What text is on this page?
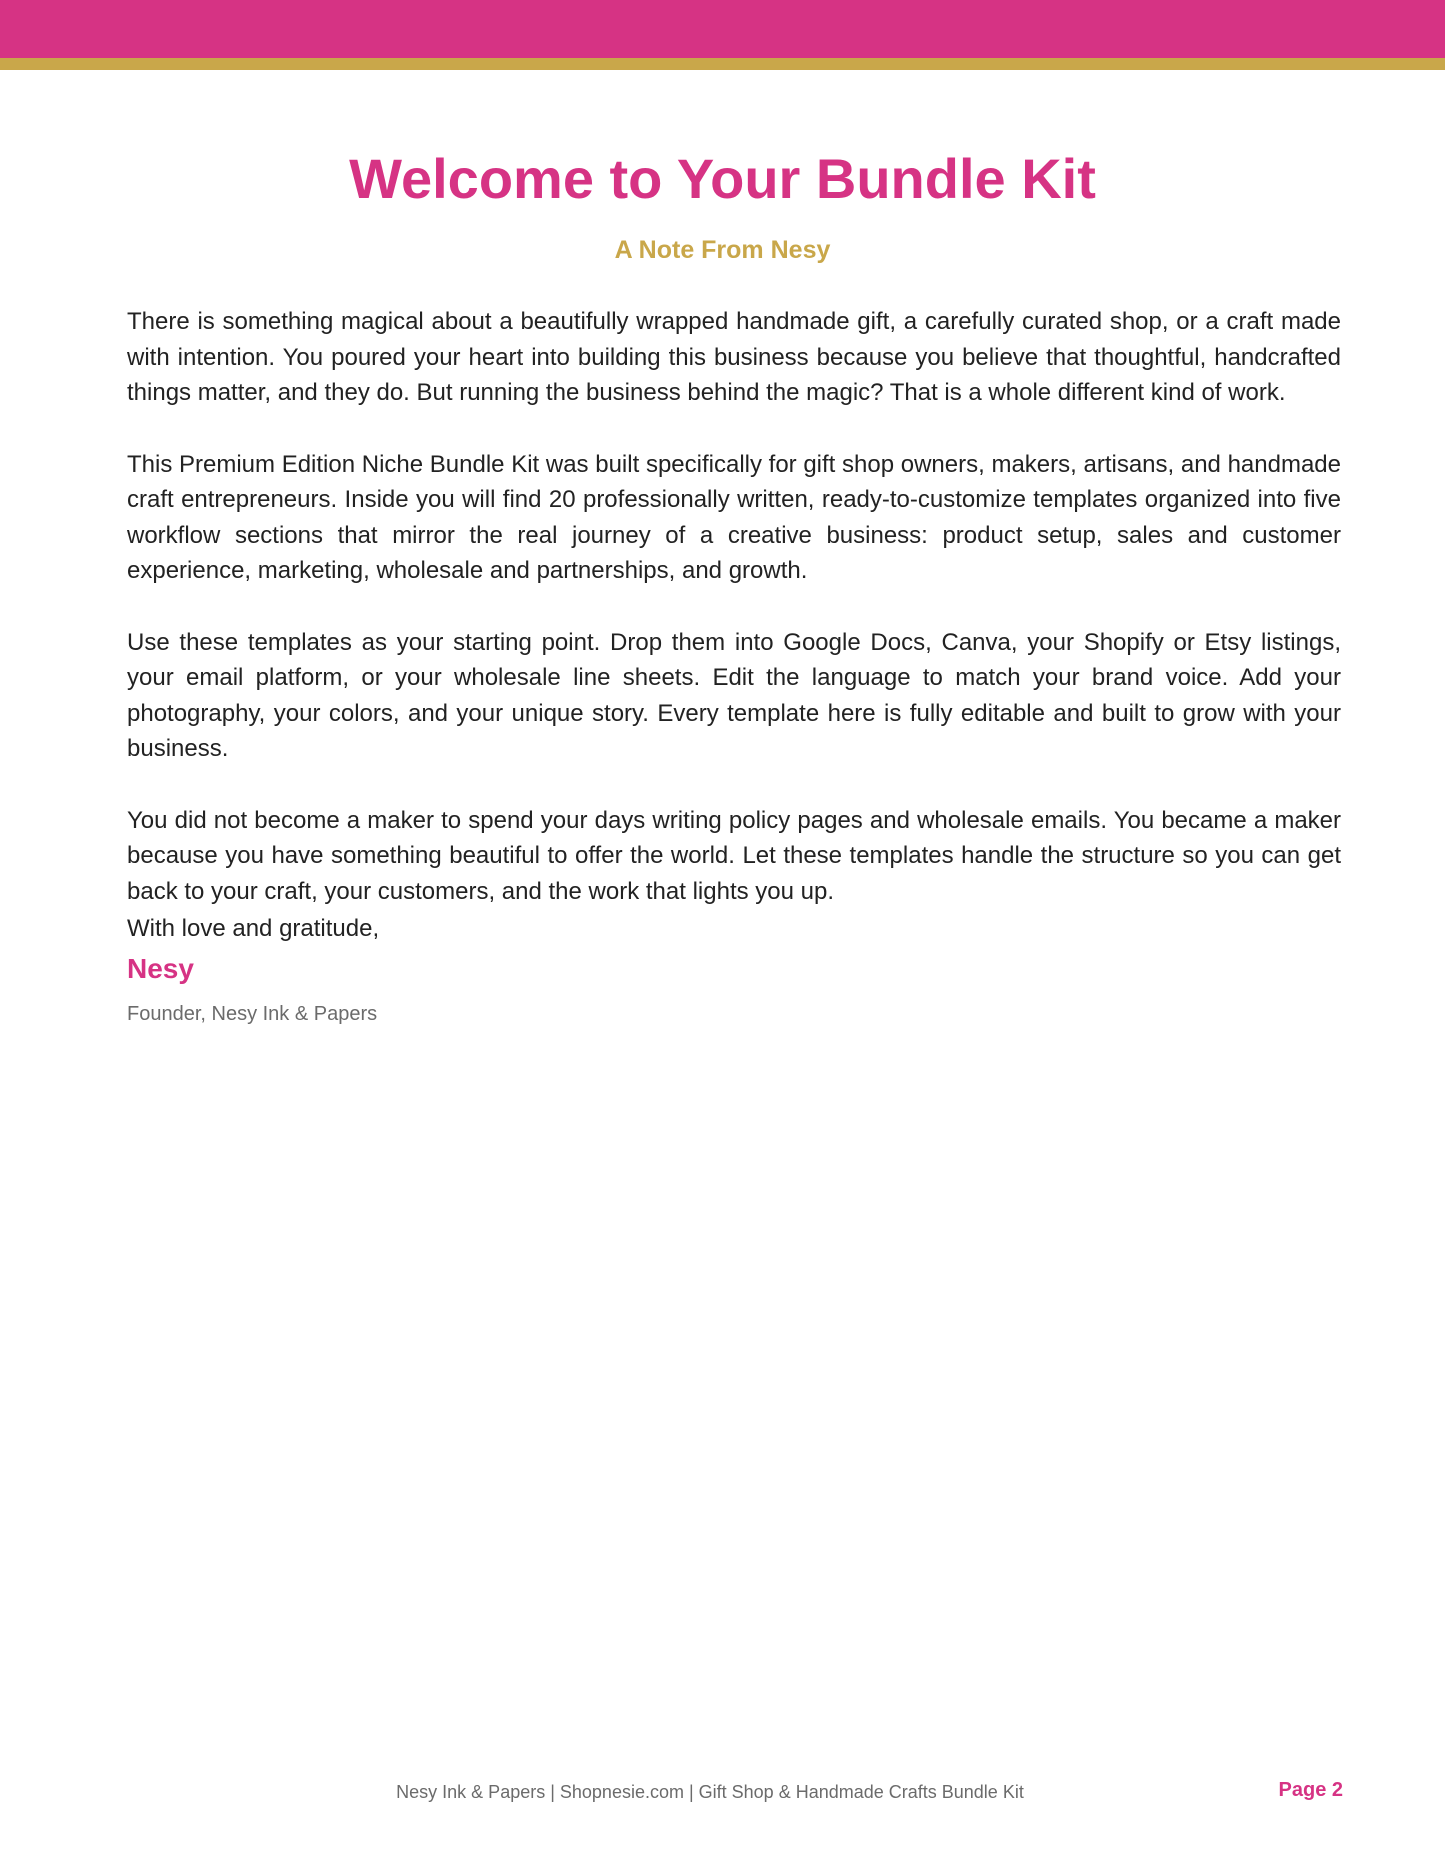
Welcome to Your Bundle Kit
A Note From Nesy

There is something magical about a beautifully wrapped handmade gift, a carefully curated shop, or a craft made with intention. You poured your heart into building this business because you believe that thoughtful, handcrafted things matter, and they do. But running the business behind the magic? That is a whole different kind of work.

This Premium Edition Niche Bundle Kit was built specifically for gift shop owners, makers, artisans, and handmade craft entrepreneurs. Inside you will find 20 professionally written, ready-to-customize templates organized into five workflow sections that mirror the real journey of a creative business: product setup, sales and customer experience, marketing, wholesale and partnerships, and growth.

Use these templates as your starting point. Drop them into Google Docs, Canva, your Shopify or Etsy listings, your email platform, or your wholesale line sheets. Edit the language to match your brand voice. Add your photography, your colors, and your unique story. Every template here is fully editable and built to grow with your business.

You did not become a maker to spend your days writing policy pages and wholesale emails. You became a maker because you have something beautiful to offer the world. Let these templates handle the structure so you can get back to your craft, your customers, and the work that lights you up.

With love and gratitude,
Nesy
Founder, Nesy Ink & Papers
Nesy Ink & Papers | Shopnesie.com | Gift Shop & Handmade Crafts Bundle Kit	Page 2
